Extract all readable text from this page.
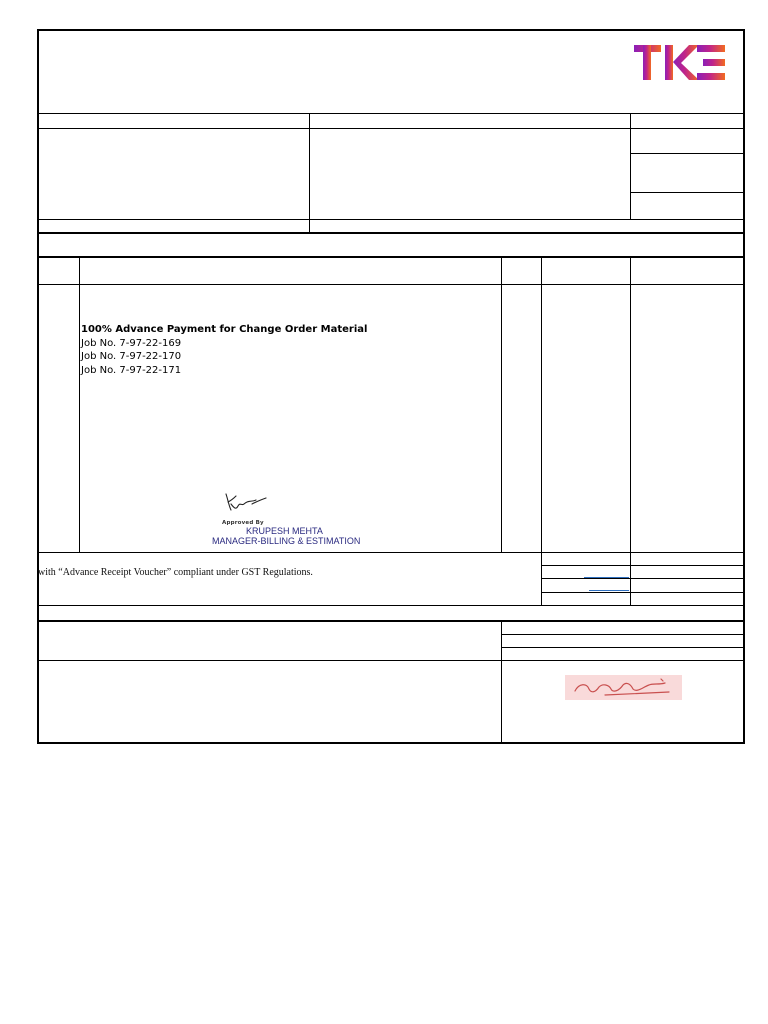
100% Advance Payment for Change Order Material
Job No. 7-97-22-169
Job No. 7-97-22-170
Job No. 7-97-22-171
Approved By
KRUPESH MEHTA
MANAGER-BILLING & ESTIMATION
with “Advance Receipt Voucher” compliant under GST Regulations.
